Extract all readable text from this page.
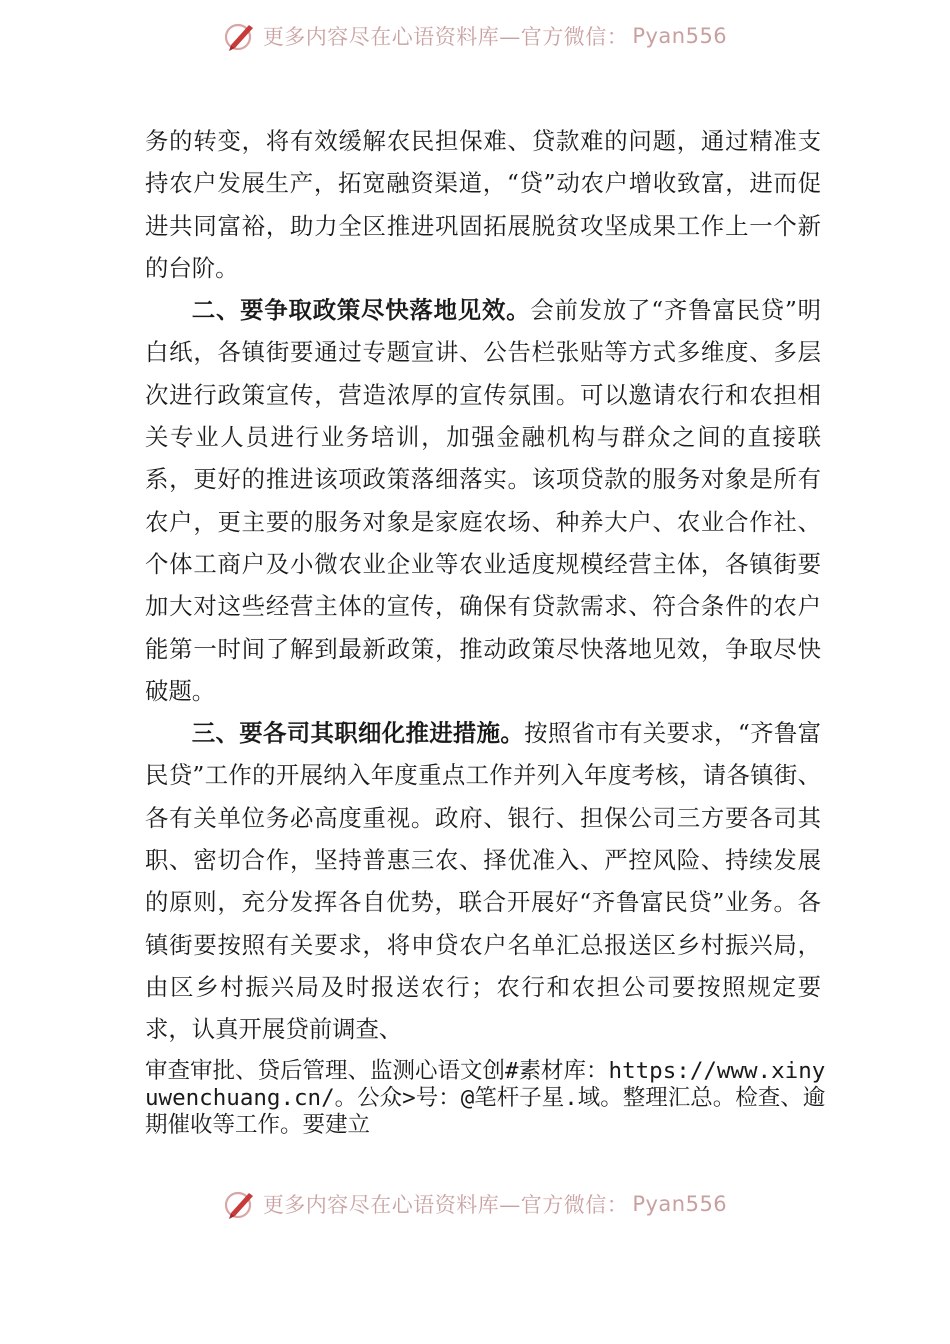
更多内容尽在心语资料库—官方微信： Pyan556

务的转变，将有效缓解农民担保难、贷款难的问题，通过精准支持农户发展生产，拓宽融资渠道，“贷”动农户增收致富，进而促进共同富裕，助力全区推进巩固拓展脱贫攻坚成果工作上一个新的台阶。

二、要争取政策尽快落地见效。会前发放了“齐鲁富民贷”明白纸，各镇街要通过专题宣讲、公告栏张贴等方式多维度、多层次进行政策宣传，营造浓厚的宣传氛围。可以邀请农行和农担相关专业人员进行业务培训，加强金融机构与群众之间的直接联系，更好的推进该项政策落细落实。该项贷款的服务对象是所有农户，更主要的服务对象是家庭农场、种养大户、农业合作社、个体工商户及小微农业企业等农业适度规模经营主体，各镇街要加大对这些经营主体的宣传，确保有贷款需求、符合条件的农户能第一时间了解到最新政策，推动政策尽快落地见效，争取尽快破题。

三、要各司其职细化推进措施。按照省市有关要求，“齐鲁富民贷”工作的开展纳入年度重点工作并列入年度考核，请各镇街、各有关单位务必高度重视。政府、银行、担保公司三方要各司其职、密切合作，坚持普惠三农、择优准入、严控风险、持续发展的原则，充分发挥各自优势，联合开展好“齐鲁富民贷”业务。各镇街要按照有关要求，将申贷农户名单汇总报送区乡村振兴局，由区乡村振兴局及时报送农行；农行和农担公司要按照规定要求，认真开展贷前调查、

审查审批、贷后管理、监测心语文创#素材库：https://www.xinyuwenchuang.cn/。公众>号：@笔杆子星.域。整理汇总。检查、逾期催收等工作。要建立
更多内容尽在心语资料库—官方微信： Pyan556
